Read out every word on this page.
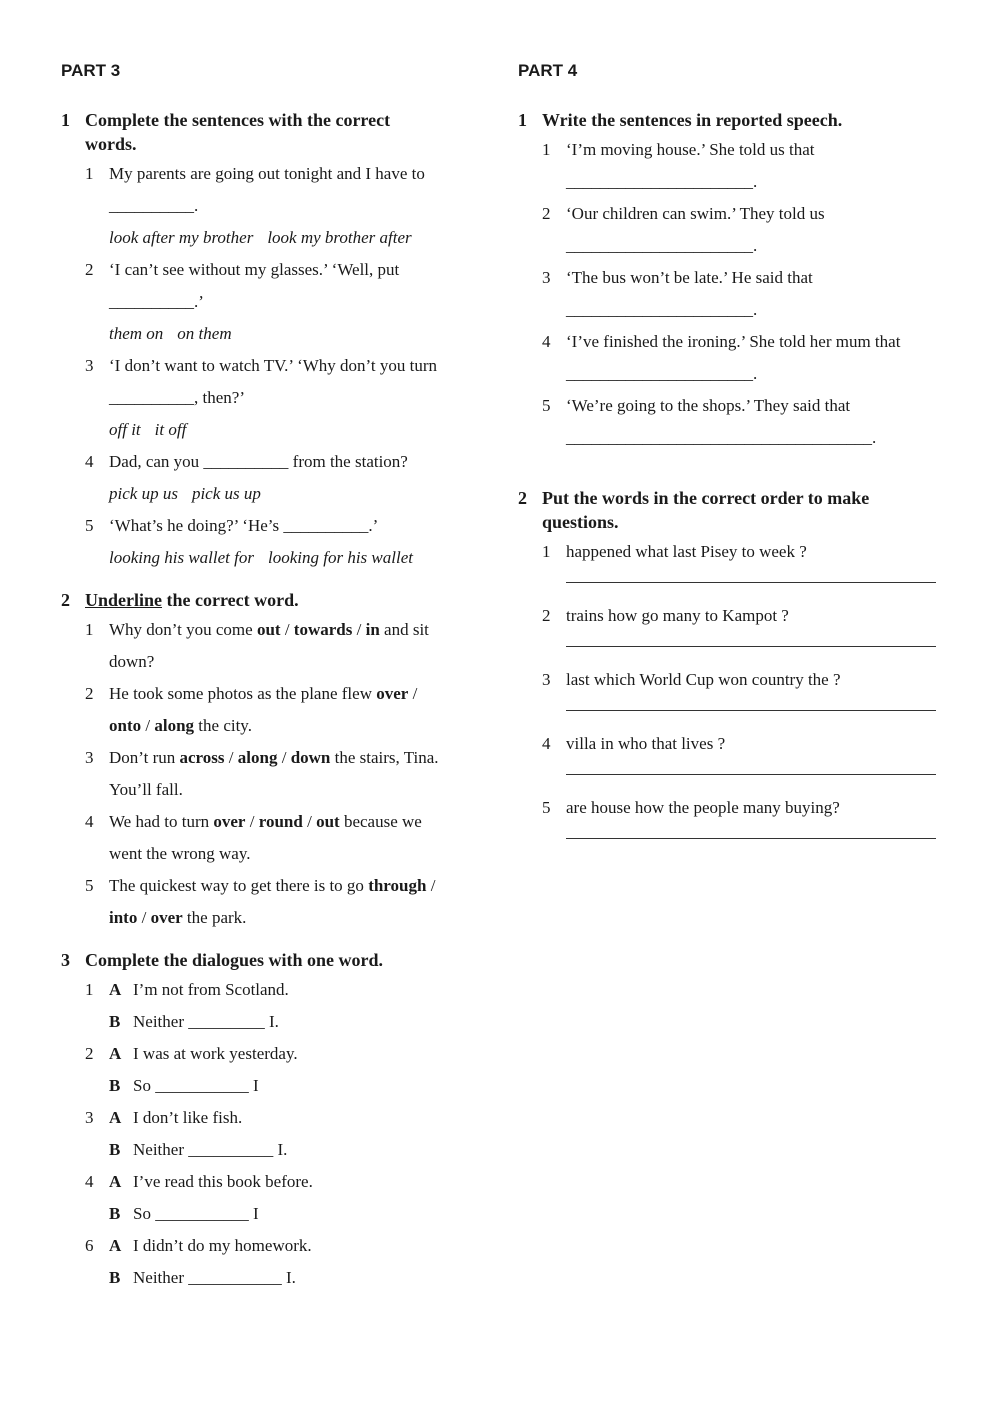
PART 3
1 Complete the sentences with the correct
words.
1 My parents are going out tonight and I have to
__________.
look after my brother look my brother after
2 ‘I can’t see without my glasses.’ ‘Well, put
__________.’
them on on them
3 ‘I don’t want to watch TV.’ ‘Why don’t you turn
__________, then?’
off it it off
4 Dad, can you __________ from the station?
pick up us pick us up
5 ‘What’s he doing?’ ‘He’s __________.’
looking his wallet for looking for his wallet
2 Underline the correct word.
1 Why don’t you come out / towards / in and sit
down?
2 He took some photos as the plane flew over /
onto / along the city.
3 Don’t run across / along / down the stairs, Tina.
You’ll fall.
4 We had to turn over / round / out because we
went the wrong way.
5 The quickest way to get there is to go through /
into / over the park.
3 Complete the dialogues with one word.
1 A I’m not from Scotland.
B Neither _________ I.
2 A I was at work yesterday.
B So ___________ I
3 A I don’t like fish.
B Neither __________ I.
4 A I’ve read this book before.
B So ___________ I
6 A I didn’t do my homework.
B Neither ___________ I.
PART 4
1 Write the sentences in reported speech.
1 ‘I’m moving house.’ She told us that
______________________.
2 ‘Our children can swim.’ They told us
______________________.
3 ‘The bus won’t be late.’ He said that
______________________.
4 ‘I’ve finished the ironing.’ She told her mum that
______________________.
5 ‘We’re going to the shops.’ They said that
____________________________________.
2 Put the words in the correct order to make
questions.
1 happened what last Pisey to week ?
2 trains how go many to Kampot ?
3 last which World Cup won country the ?
4 villa in who that lives ?
5 are house how the people many buying?
